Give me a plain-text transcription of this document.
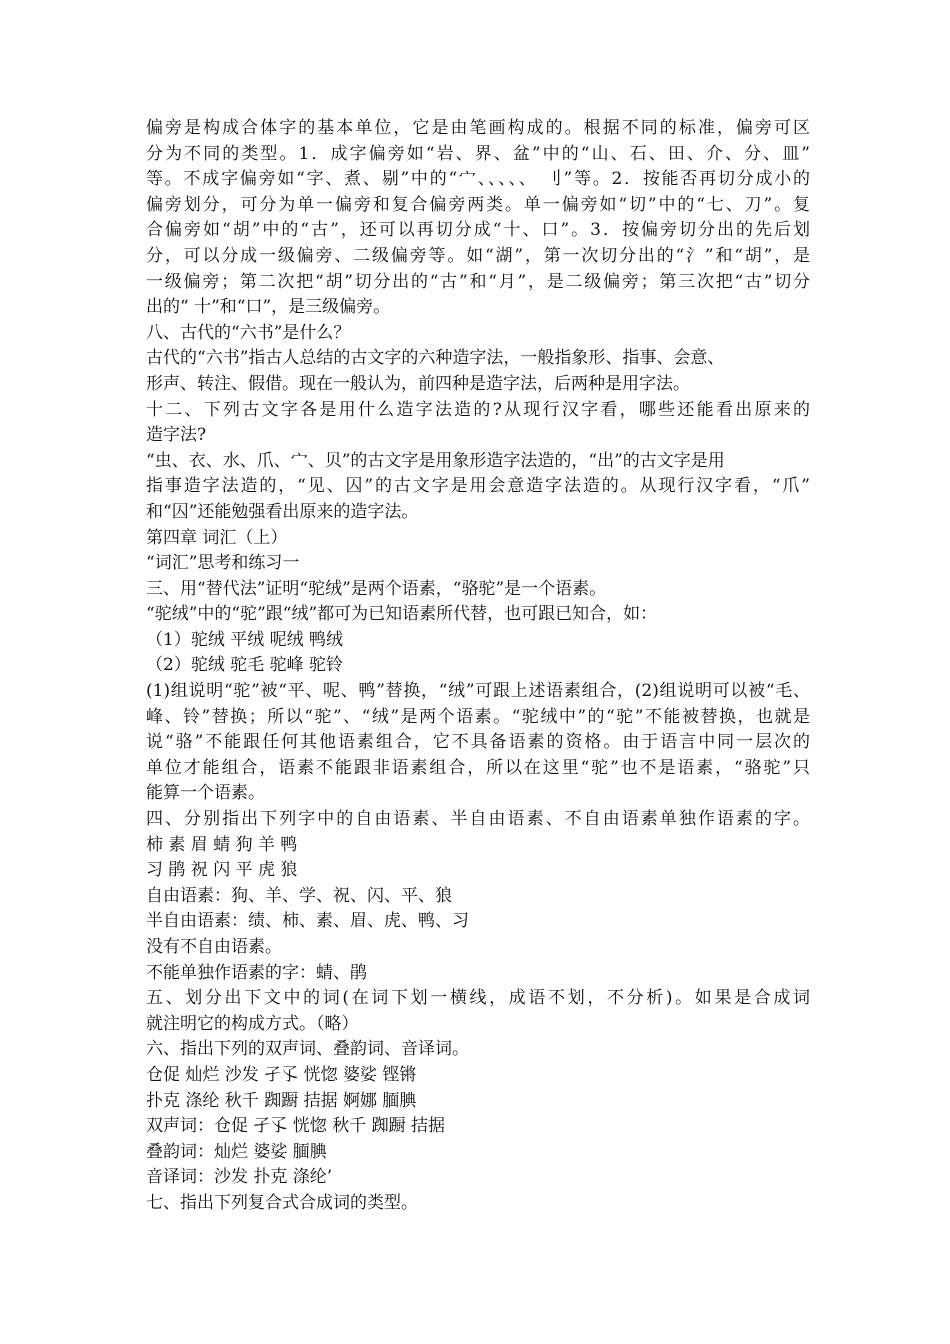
偏旁是构成合体字的基本单位，它是由笔画构成的。根据不同的标准，偏旁可区
分为不同的类型。1．成字偏旁如“岩、界、盆”中的“山、石、田、介、分、皿”
等。不成字偏旁如“字、煮、剔”中的“宀、、、、、 刂”等。2．按能否再切分成小的
偏旁划分，可分为单一偏旁和复合偏旁两类。单一偏旁如“切”中的“七、刀”。复
合偏旁如“胡”中的“古”，还可以再切分成“十、口”。3．按偏旁切分出的先后划
分，可以分成一级偏旁、二级偏旁等。如“湖”，第一次切分出的“氵”和“胡”，是
一级偏旁；第二次把“胡”切分出的“古”和“月”，是二级偏旁；第三次把“古”切分
出的“ 十”和“口”，是三级偏旁。
八、古代的“六书”是什么？
古代的“六书”指古人总结的古文字的六种造字法，一般指象形、指事、会意、
形声、转注、假借。现在一般认为，前四种是造字法，后两种是用字法。
十二、下列古文字各是用什么造字法造的?从现行汉字看，哪些还能看出原来的
造字法?
“虫、衣、水、爪、宀、贝”的古文字是用象形造字法造的，“出”的古文字是用
指事造字法造的，“见、囚”的古文字是用会意造字法造的。从现行汉字看，“爪”
和“囚”还能勉强看出原来的造字法。
第四章 词汇（上）
“词汇”思考和练习一
三、用“替代法”证明“驼绒”是两个语素，“骆驼”是一个语素。
“驼绒”中的“驼”跟“绒”都可为已知语素所代替，也可跟已知合，如：
（1）驼绒 平绒 呢绒 鸭绒
（2）驼绒 驼毛 驼峰 驼铃
(1)组说明“驼”被“平、呢、鸭”替换，“绒”可跟上述语素组合，(2)组说明可以被“毛、
峰、铃”替换；所以“驼”、“绒”是两个语素。“驼绒中”的“驼”不能被替换，也就是
说“骆”不能跟任何其他语素组合，它不具备语素的资格。由于语言中同一层次的
单位才能组合，语素不能跟非语素组合，所以在这里“驼”也不是语素，“骆驼”只
能算一个语素。
四、分别指出下列字中的自由语素、半自由语素、不自由语素单独作语素的字。
柿 素 眉 蜻 狗 羊 鸭
习 鹃 祝 闪 平 虎 狼
自由语素：狗、羊、学、祝、闪、平、狼
半自由语素：绩、柿、素、眉、虎、鸭、习
没有不自由语素。
不能单独作语素的字：蜻、鹃
五、划分出下文中的词(在词下划一横线，成语不划，不分析)。如果是合成词
就注明它的构成方式。（略）
六、指出下列的双声词、叠韵词、音译词。
仓促 灿烂 沙发 孑孓 恍惚 婆娑 铿锵
扑克 涤纶 秋千 踟蹰 拮据 婀娜 腼腆
双声词：仓促 孑孓 恍惚 秋千 踟蹰 拮据
叠韵词：灿烂 婆娑 腼腆
音译词：沙发 扑克 涤纶’
七、指出下列复合式合成词的类型。
